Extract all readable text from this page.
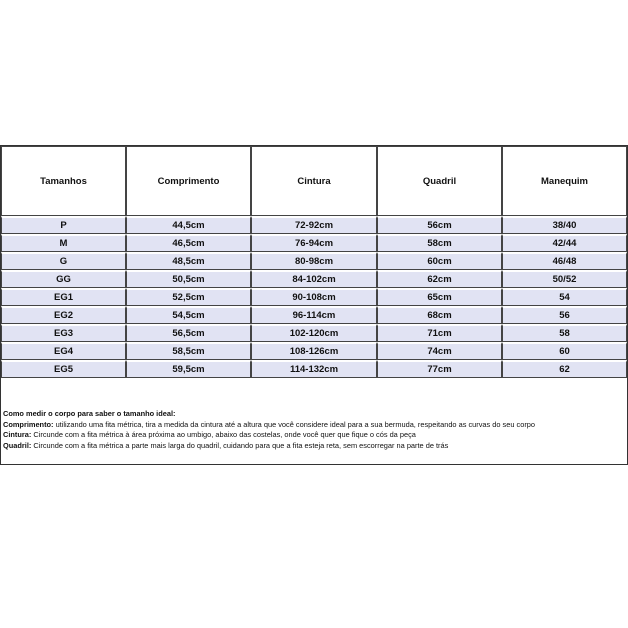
Tamanhos	Comprimento	Cintura	Quadril	Manequim
P	44,5cm	72-92cm	56cm	38/40
M	46,5cm	76-94cm	58cm	42/44
G	48,5cm	80-98cm	60cm	46/48
GG	50,5cm	84-102cm	62cm	50/52
EG1	52,5cm	90-108cm	65cm	54
EG2	54,5cm	96-114cm	68cm	56
EG3	56,5cm	102-120cm	71cm	58
EG4	58,5cm	108-126cm	74cm	60
EG5	59,5cm	114-132cm	77cm	62
Como medir o corpo para saber o tamanho ideal:
Comprimento: utilizando uma fita métrica, tira a medida da cintura até a altura que você considere ideal para a sua bermuda, respeitando as curvas do seu corpo
Cintura: Circunde com a fita métrica à área próxima ao umbigo, abaixo das costelas, onde você quer que fique o cós da peça
Quadril: Circunde com a fita métrica a parte mais larga do quadril, cuidando para que a fita esteja reta, sem escorregar na parte de trás
